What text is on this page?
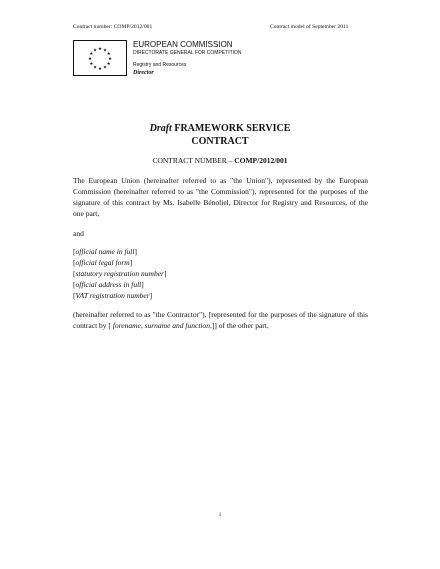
Contract number: COMP/2012/001	Contract model of September 2011
★ ★
★
★
★
★
★
★
★
★
★
★
EUROPEAN COMMISSION
DIRECTORATE GENERAL FOR COMPETITION
Registry and Resources
Director
Draft FRAMEWORK SERVICE
CONTRACT
CONTRACT NUMBER – COMP/2012/001
The European Union (hereinafter referred to as "the Union"), represented by the European Commission (hereinafter referred to as "the Commission"), represented for the purposes of the signature of this contract by Ms. Isabelle Bénoliel, Director for Registry and Resources, of the one part,
and
[official name in full]
[official legal form]
[statutory registration number]
[official address in full]
[VAT registration number]
(hereinafter referred to as "the Contractor"), [represented for the purposes of the signature of this contract by [ forename, surname and function,]] of the other part,
1
